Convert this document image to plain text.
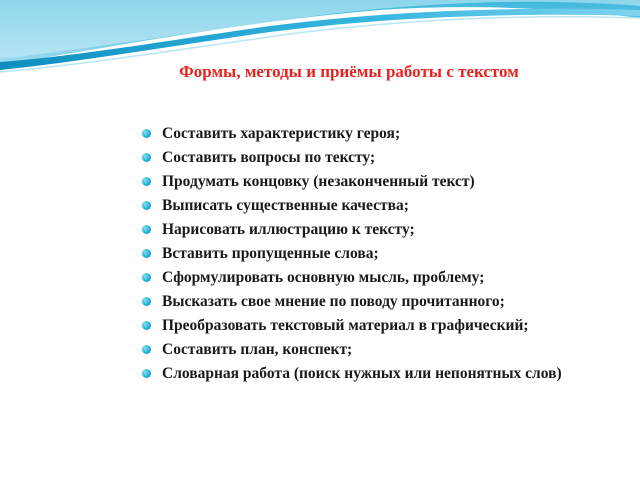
Формы, методы и приёмы работы с текстом
Составить характеристику героя;
Составить вопросы по тексту;
Продумать концовку (незаконченный текст)
Выписать существенные качества;
Нарисовать иллюстрацию к тексту;
Вставить пропущенные слова;
Сформулировать основную мысль, проблему;
Высказать свое мнение по поводу прочитанного;
Преобразовать текстовый материал в графический;
Составить план, конспект;
Словарная работа (поиск нужных или непонятных слов)
